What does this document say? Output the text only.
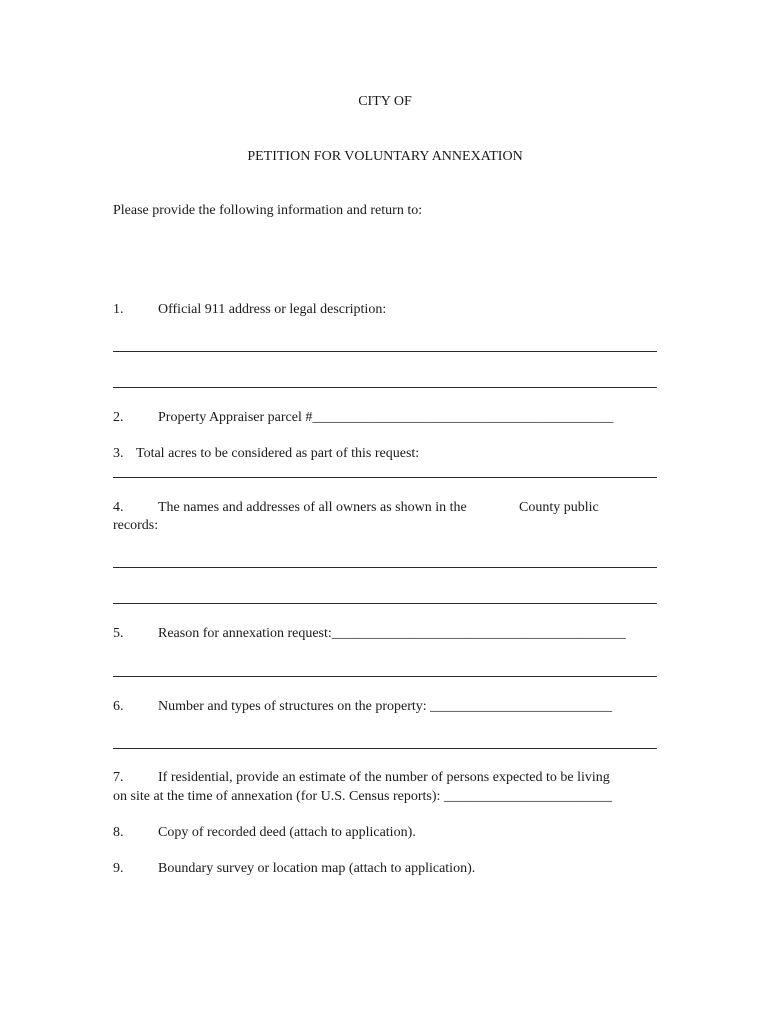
CITY OF
PETITION FOR VOLUNTARY ANNEXATION
Please provide the following information and return to:
1. Official 911 address or legal description:
2. Property Appraiser parcel #___________________________________________
3. Total acres to be considered as part of this request:
4. The names and addresses of all owners as shown in the	County public
records:
5. Reason for annexation request:__________________________________________
6. Number and types of structures on the property: __________________________
7. If residential, provide an estimate of the number of persons expected to be living
on site at the time of annexation (for U.S. Census reports): ________________________
8. Copy of recorded deed (attach to application).
9. Boundary survey or location map (attach to application).
